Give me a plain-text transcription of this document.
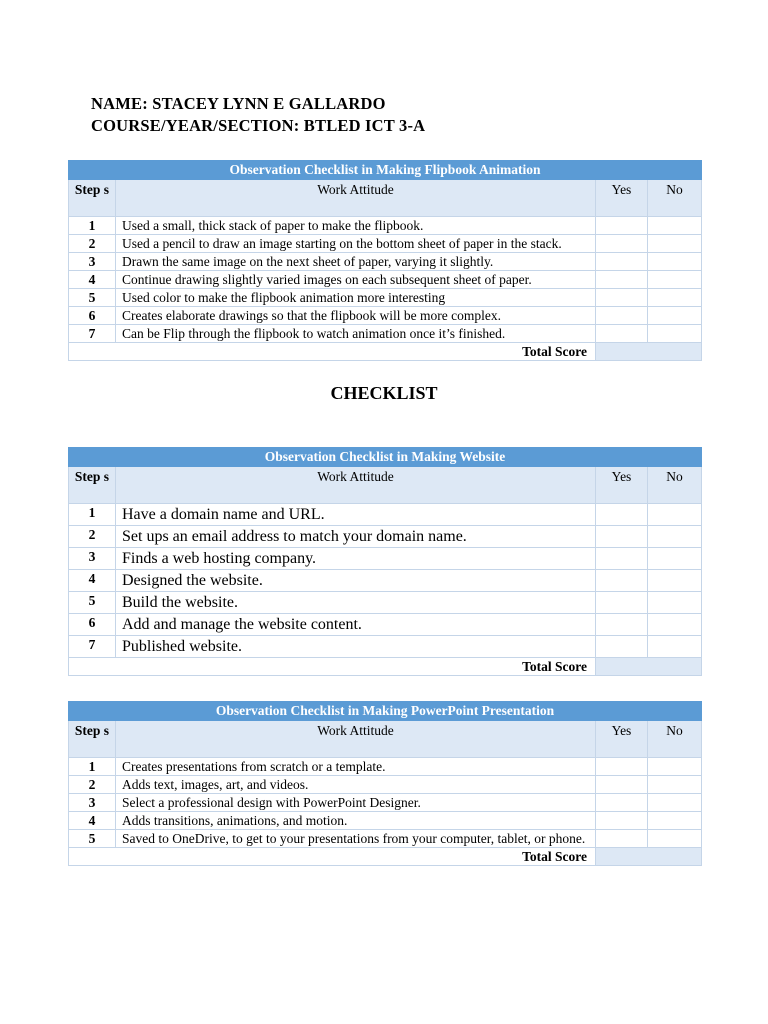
NAME: STACEY LYNN E GALLARDO
COURSE/YEAR/SECTION: BTLED ICT 3-A
Observation Checklist in Making Flipbook Animation			
Step s	Work Attitude	Yes	No
1	Used a small, thick stack of paper to make the flipbook.		
2	Used a pencil to draw an image starting on the bottom sheet of paper in the stack.		
3	Drawn the same image on the next sheet of paper, varying it slightly.		
4	Continue drawing slightly varied images on each subsequent sheet of paper.		
5	Used color to make the flipbook animation more interesting		
6	Creates elaborate drawings so that the flipbook will be more complex.		
7	Can be Flip through the flipbook to watch animation once it’s finished.		
Total Score			
CHECKLIST
Observation Checklist in Making Website			
Step s	Work Attitude	Yes	No
1	Have a domain name and URL.		
2	Set ups an email address to match your domain name.		
3	Finds a web hosting company.		
4	Designed the website.		
5	Build the website.		
6	Add and manage the website content.		
7	Published website.		
Total Score			
Observation Checklist in Making PowerPoint Presentation			
Step s	Work Attitude	Yes	No
1	Creates presentations from scratch or a template.		
2	Adds text, images, art, and videos.		
3	Select a professional design with PowerPoint Designer.		
4	Adds transitions, animations, and motion.		
5	Saved to OneDrive, to get to your presentations from your computer, tablet, or phone.		
Total Score			
